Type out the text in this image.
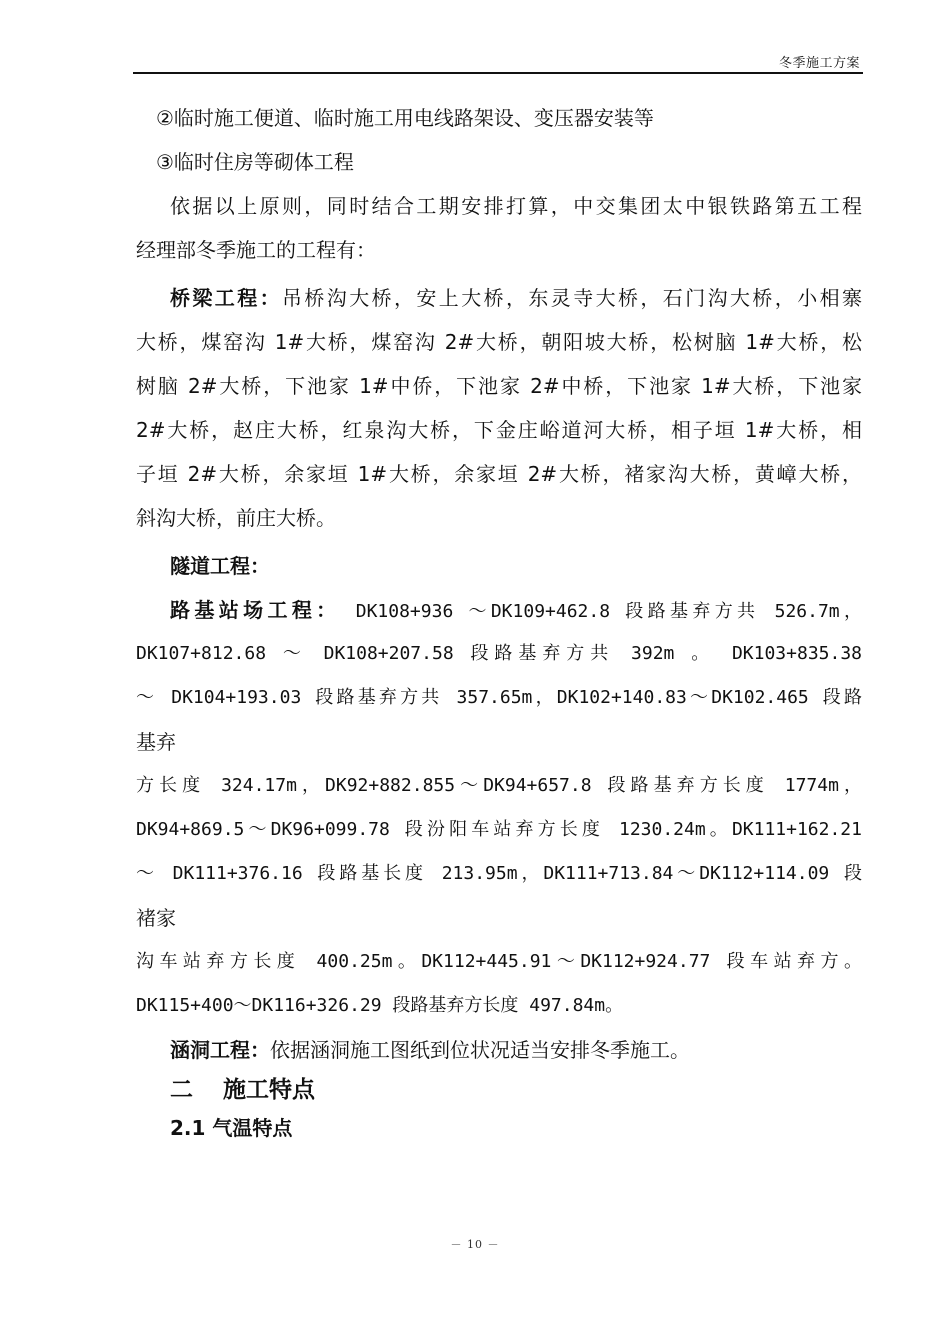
冬季施工方案
②临时施工便道、临时施工用电线路架设、变压器安装等
③临时住房等砌体工程
依据以上原则，同时结合工期安排打算，中交集团太中银铁路第五工程
经理部冬季施工的工程有：
桥梁工程：吊桥沟大桥，安上大桥，东灵寺大桥，石门沟大桥，小相寨
大桥，煤窑沟 1#大桥，煤窑沟 2#大桥，朝阳坡大桥，松树脑 1#大桥，松
树脑 2#大桥，下池家 1#中侨，下池家 2#中桥，下池家 1#大桥，下池家
2#大桥，赵庄大桥，红泉沟大桥，下金庄峪道河大桥，相子垣 1#大桥，相
子垣 2#大桥，余家垣 1#大桥，余家垣 2#大桥，褚家沟大桥，黄嶂大桥，
斜沟大桥，前庄大桥。
隧道工程：
路基站场工程： DK108+936 ～DK109+462.8 段路基弃方共 526.7m，
DK107+812.68 ～ DK108+207.58 段路基弃方共 392m 。 DK103+835.38
～ DK104+193.03 段路基弃方共 357.65m，DK102+140.83～DK102.465 段路
基弃
方长度 324.17m，DK92+882.855～DK94+657.8 段路基弃方长度 1774m，
DK94+869.5～DK96+099.78 段汾阳车站弃方长度 1230.24m。DK111+162.21
～ DK111+376.16 段路基长度 213.95m，DK111+713.84～DK112+114.09 段
褚家
沟车站弃方长度 400.25m。DK112+445.91～DK112+924.77 段车站弃方。
DK115+400～DK116+326.29 段路基弃方长度 497.84m。
涵洞工程：依据涵洞施工图纸到位状况适当安排冬季施工。
二 施工特点
2.1 气温特点
－ 10 －
